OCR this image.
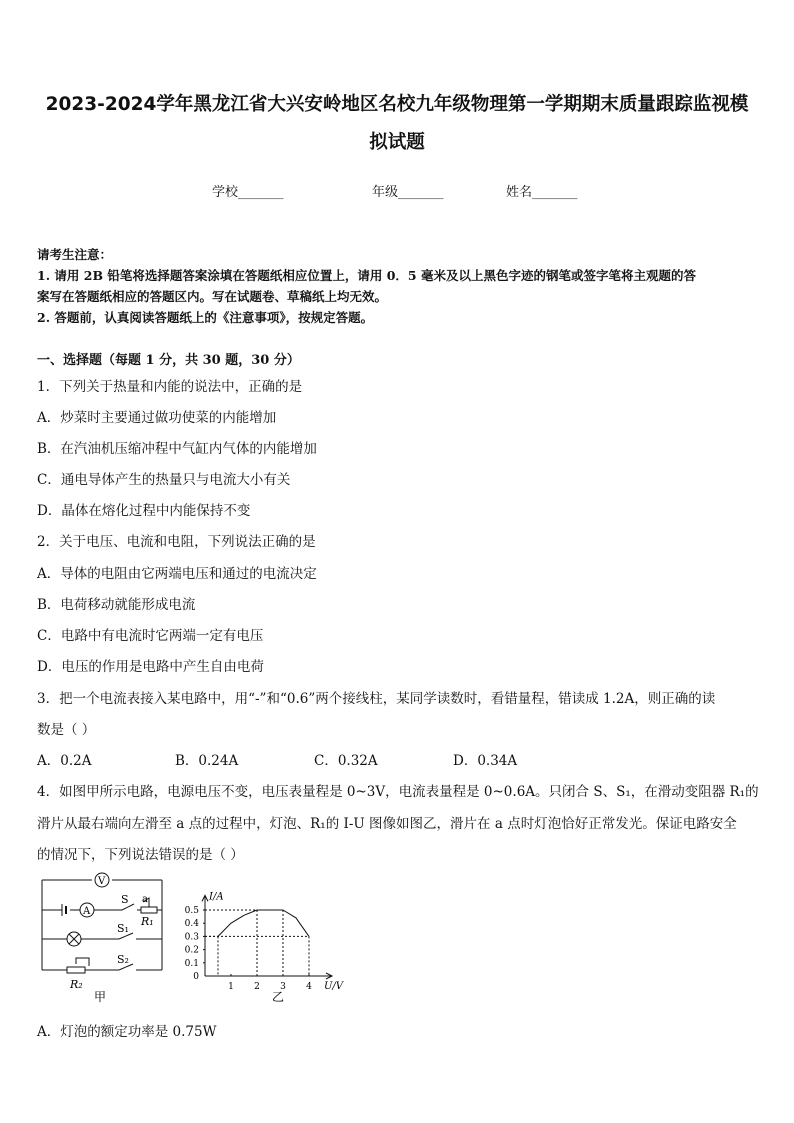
2023-2024学年黑龙江省大兴安岭地区名校九年级物理第一学期期末质量跟踪监视模
拟试题
学校_______	年级_______	姓名_______
请考生注意：
1. 请用 2B 铅笔将选择题答案涂填在答题纸相应位置上，请用 0．5 毫米及以上黑色字迹的钢笔或签字笔将主观题的答
案写在答题纸相应的答题区内。写在试题卷、草稿纸上均无效。
2. 答题前，认真阅读答题纸上的《注意事项》，按规定答题。
一、选择题（每题 1 分，共 30 题，30 分）
1．下列关于热量和内能的说法中，正确的是
A．炒菜时主要通过做功使菜的内能增加
B．在汽油机压缩冲程中气缸内气体的内能增加
C．通电导体产生的热量只与电流大小有关
D．晶体在熔化过程中内能保持不变
2．关于电压、电流和电阻，下列说法正确的是
A．导体的电阻由它两端电压和通过的电流决定
B．电荷移动就能形成电流
C．电路中有电流时它两端一定有电压
D．电压的作用是电路中产生自由电荷
3．把一个电流表接入某电路中，用“-”和“0.6”两个接线柱，某同学读数时，看错量程，错读成 1.2A，则正确的读
数是（ ）
A．0.2A	B．0.24A	C．0.32A	D．0.34A
4．如图甲所示电路，电源电压不变，电压表量程是 0~3V，电流表量程是 0~0.6A。只闭合 S、S₁，在滑动变阻器 R₁的
滑片从最右端向左滑至 a 点的过程中，灯泡、R₁的 I-U 图像如图乙，滑片在 a 点时灯泡恰好正常发光。保证电路安全
的情况下，下列说法错误的是（ ）
V
A
S a
R₁
S₁
S₂
R₂
甲
I/A
U/V
0.5
0.4
0.3
0.2
0.1
0
1 2 3 4
乙
A．灯泡的额定功率是 0.75W
